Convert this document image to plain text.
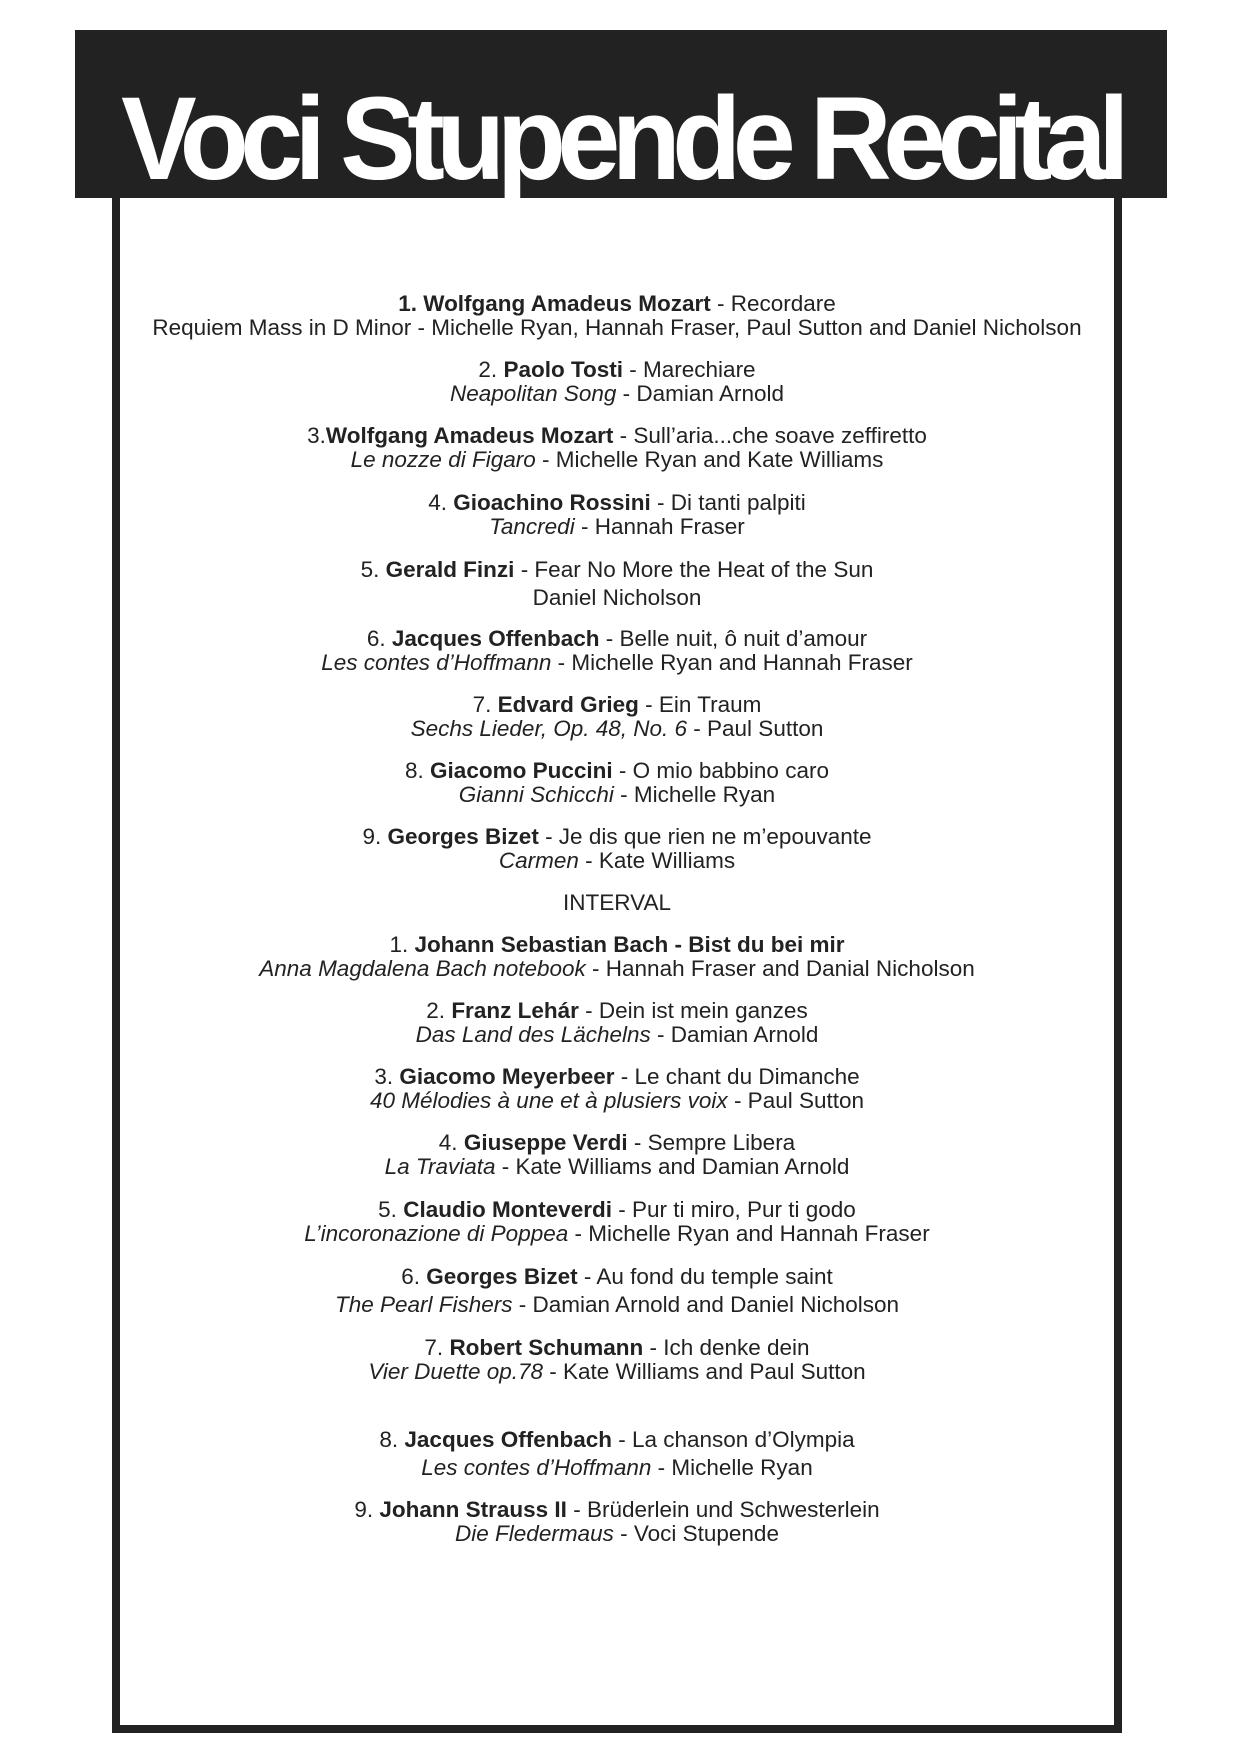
Voci Stupende Recital
1. Wolfgang Amadeus Mozart - Recordare
Requiem Mass in D Minor - Michelle Ryan, Hannah Fraser, Paul Sutton and Daniel Nicholson
2. Paolo Tosti - Marechiare
Neapolitan Song - Damian Arnold
3.Wolfgang Amadeus Mozart - Sull’aria...che soave zeffiretto
Le nozze di Figaro - Michelle Ryan and Kate Williams
4. Gioachino Rossini - Di tanti palpiti
Tancredi - Hannah Fraser
5. Gerald Finzi - Fear No More the Heat of the Sun
Daniel Nicholson
6. Jacques Offenbach - Belle nuit, ô nuit d’amour
Les contes d’Hoffmann - Michelle Ryan and Hannah Fraser
7. Edvard Grieg - Ein Traum
Sechs Lieder, Op. 48, No. 6 - Paul Sutton
8. Giacomo Puccini - O mio babbino caro
Gianni Schicchi - Michelle Ryan
9. Georges Bizet - Je dis que rien ne m’epouvante
Carmen - Kate Williams
INTERVAL
1. Johann Sebastian Bach - Bist du bei mir
Anna Magdalena Bach notebook - Hannah Fraser and Danial Nicholson
2. Franz Lehár - Dein ist mein ganzes
Das Land des Lächelns - Damian Arnold
3. Giacomo Meyerbeer - Le chant du Dimanche
40 Mélodies à une et à plusiers voix - Paul Sutton
4. Giuseppe Verdi - Sempre Libera
La Traviata - Kate Williams and Damian Arnold
5. Claudio Monteverdi - Pur ti miro, Pur ti godo
L’incoronazione di Poppea - Michelle Ryan and Hannah Fraser
6. Georges Bizet - Au fond du temple saint
The Pearl Fishers - Damian Arnold and Daniel Nicholson
7. Robert Schumann - Ich denke dein
Vier Duette op.78 - Kate Williams and Paul Sutton
8. Jacques Offenbach - La chanson d’Olympia
Les contes d’Hoffmann - Michelle Ryan
9. Johann Strauss II - Brüderlein und Schwesterlein
Die Fledermaus - Voci Stupende
